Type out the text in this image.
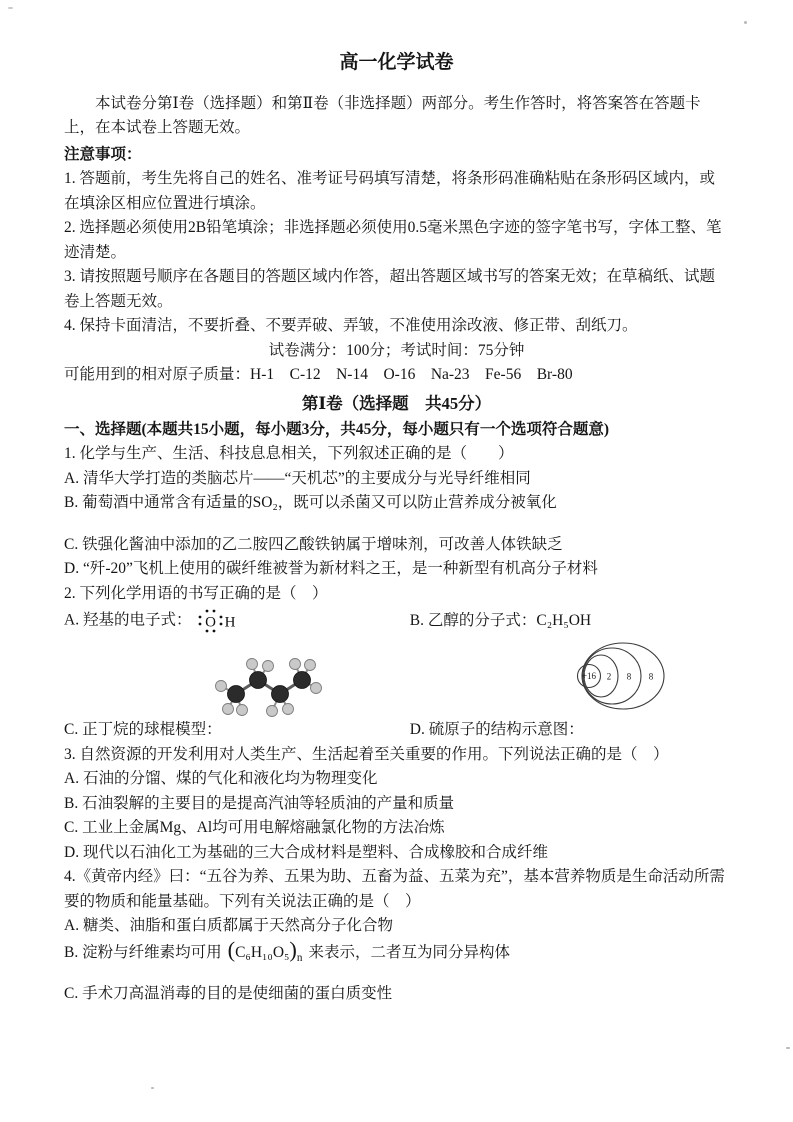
高一化学试卷

本试卷分第Ⅰ卷（选择题）和第Ⅱ卷（非选择题）两部分。考生作答时，将答案答在答题卡上，在本试卷上答题无效。

注意事项：

1. 答题前，考生先将自己的姓名、准考证号码填写清楚，将条形码准确粘贴在条形码区域内，或在填涂区相应位置进行填涂。

2. 选择题必须使用2B铅笔填涂；非选择题必须使用0.5毫米黑色字迹的签字笔书写，字体工整、笔迹清楚。

3. 请按照题号顺序在各题目的答题区域内作答，超出答题区域书写的答案无效；在草稿纸、试题卷上答题无效。

4. 保持卡面清洁，不要折叠、不要弄破、弄皱，不准使用涂改液、修正带、刮纸刀。

试卷满分：100分；考试时间：75分钟

可能用到的相对原子质量：H-1　C-12　N-14　O-16　Na-23　Fe-56　Br-80

第Ⅰ卷（选择题　共45分）

一、选择题(本题共15小题，每小题3分，共45分，每小题只有一个选项符合题意)

1. 化学与生产、生活、科技息息相关，下列叙述正确的是（　　）

A. 清华大学打造的类脑芯片——“天机芯”的主要成分与光导纤维相同

B. 葡萄酒中通常含有适量的SO₂，既可以杀菌又可以防止营养成分被氧化

C. 铁强化酱油中添加的乙二胺四乙酸铁钠属于增味剂，可改善人体铁缺乏

D. “歼-20”飞机上使用的碳纤维被誉为新材料之王，是一种新型有机高分子材料

2. 下列化学用语的书写正确的是（　）

A. 羟基的电子式： O H	B. 乙醇的分子式：C₂H₅OH
+16 2 8 8
C. 正丁烷的球棍模型：	D. 硫原子的结构示意图：

3. 自然资源的开发利用对人类生产、生活起着至关重要的作用。下列说法正确的是（　）

A. 石油的分馏、煤的气化和液化均为物理变化

B. 石油裂解的主要目的是提高汽油等轻质油的产量和质量

C. 工业上金属Mg、Al均可用电解熔融氯化物的方法冶炼

D. 现代以石油化工为基础的三大合成材料是塑料、合成橡胶和合成纤维

4.《黄帝内经》曰：“五谷为养、五果为助、五畜为益、五菜为充”，基本营养物质是生命活动所需要的物质和能量基础。下列有关说法正确的是（　）

A. 糖类、油脂和蛋白质都属于天然高分子化合物

B. 淀粉与纤维素均可用 $(C_6H_{10}O_5)_n$ 来表示，二者互为同分异构体

C. 手术刀高温消毒的目的是使细菌的蛋白质变性
